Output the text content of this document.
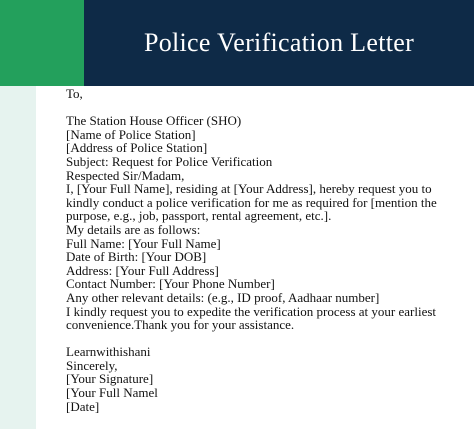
Police Verification Letter
To,
The Station House Officer (SHO)
[Name of Police Station]
[Address of Police Station]
Subject: Request for Police Verification
Respected Sir/Madam,
I, [Your Full Name], residing at [Your Address], hereby request you to
kindly conduct a police verification for me as required for [mention the
purpose, e.g., job, passport, rental agreement, etc.].
My details are as follows:
Full Name: [Your Full Name]
Date of Birth: [Your DOB]
Address: [Your Full Address]
Contact Number: [Your Phone Number]
Any other relevant details: (e.g., ID proof, Aadhaar number]
I kindly request you to expedite the verification process at your earliest
convenience.Thank you for your assistance.
Learnwithishani
Sincerely,
[Your Signature]
[Your Full Namel
[Date]
